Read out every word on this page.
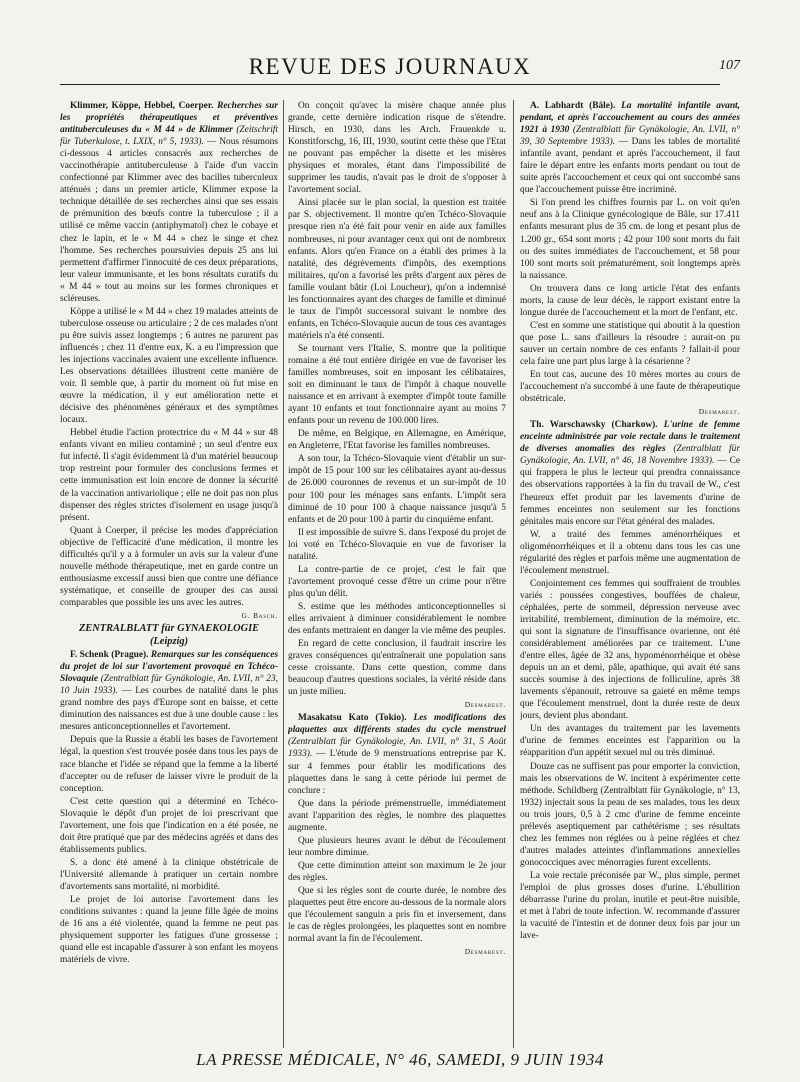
REVUE DES JOURNAUX	107

Klimmer, Köppe, Hebbel, Coerper. Recherches sur les propriétés thérapeutiques et préventives antituberculeuses du « M 44 » de Klimmer (Zeitschrift für Tuberkulose, t. LXIX, n° 5, 1933). — Nous résumons ci-dessous 4 articles consacrés aux recherches de vaccinothérapie antituberculeuse à l'aide d'un vaccin confectionné par Klimmer avec des bacilles tuberculeux atténués ; dans un premier article, Klimmer expose la technique détaillée de ses recherches ainsi que ses essais de prémunition des bœufs contre la tuberculose ; il a utilisé ce même vaccin (antiphymatol) chez le cobaye et chez le lapin, et le « M 44 » chez le singe et chez l'homme. Ses recherches poursuivies depuis 25 ans lui permettent d'affirmer l'innocuité de ces deux préparations, leur valeur immunisante, et les bons résultats curatifs du « M 44 » tout au moins sur les formes chroniques et scléreuses.

Köppe a utilisé le « M 44 » chez 19 malades atteints de tuberculose osseuse ou articulaire ; 2 de ces malades n'ont pu être suivis assez longtemps ; 6 autres ne parurent pas influencés ; chez 11 d'entre eux, K. a eu l'impression que les injections vaccinales avaient une excellente influence. Les observations détaillées illustrent cette manière de voir. Il semble que, à partir du moment où fut mise en œuvre la médication, il y eut amélioration nette et décisive des phénomènes généraux et des symptômes locaux.

Hebbel étudie l'action protectrice du « M 44 » sur 48 enfants vivant en milieu contaminé ; un seul d'entre eux fut infecté. Il s'agit évidemment là d'un matériel beaucoup trop restreint pour formuler des conclusions fermes et cette immunisation est loin encore de donner la sécurité de la vaccination antivariolique ; elle ne doit pas non plus dispenser des règles strictes d'isolement en usage jusqu'à présent.

Quant à Coerper, il précise les modes d'appréciation objective de l'efficacité d'une médication, il montre les difficultés qu'il y a à formuler un avis sur la valeur d'une nouvelle méthode thérapeutique, met en garde contre un enthousiasme excessif aussi bien que contre une défiance systématique, et conseille de grouper des cas aussi comparables que possible les uns avec les autres.

G. Basch.

ZENTRALBLATT für GYNAEKOLOGIE

(Leipzig)

F. Schenk (Prague). Remarques sur les conséquences du projet de loi sur l'avortement provoqué en Tchéco-Slovaquie (Zentralblatt für Gynäkologie, An. LVII, n° 23, 10 Juin 1933). — Les courbes de natalité dans le plus grand nombre des pays d'Europe sont en baisse, et cette diminution des naissances est due à une double cause : les mesures anticonceptionnelles et l'avortement.

Depuis que la Russie a établi les bases de l'avortement légal, la question s'est trouvée posée dans tous les pays de race blanche et l'idée se répand que la femme a la liberté d'accepter ou de refuser de laisser vivre le produit de la conception.

C'est cette question qui a déterminé en Tchéco-Slovaquie le dépôt d'un projet de loi prescrivant que l'avortement, une fois que l'indication en a été posée, ne doit être pratiqué que par des médecins agréés et dans des établissements publics.

S. a donc été amené à la clinique obstétricale de l'Université allemande à pratiquer un certain nombre d'avortements sans mortalité, ni morbidité.

Le projet de loi autorise l'avortement dans les conditions suivantes : quand la jeune fille âgée de moins de 16 ans a été violentée, quand la femme ne peut pas physiquement supporter les fatigues d'une grossesse ; quand elle est incapable d'assurer à son enfant les moyens matériels de vivre.

On conçoit qu'avec la misère chaque année plus grande, cette dernière indication risque de s'étendre. Hirsch, en 1930, dans les Arch. Frauenkde u. Konstitforschg, 16, III, 1930, soutint cette thèse que l'Etat ne pouvant pas empêcher la disette et les misères physiques et morales, étant dans l'impossibilité de supprimer les taudis, n'avait pas le droit de s'opposer à l'avortement social.

Ainsi placée sur le plan social, la question est traitée par S. objectivement. Il montre qu'en Tchéco-Slovaquie presque rien n'a été fait pour venir en aide aux familles nombreuses, ni pour avantager ceux qui ont de nombreux enfants. Alors qu'en France on a établi des primes à la natalité, des dégrèvements d'impôts, des exemptions militaires, qu'on a favorisé les prêts d'argent aux pères de famille voulant bâtir (Loi Loucheur), qu'on a indemnisé les fonctionnaires ayant des charges de famille et diminué le taux de l'impôt successoral suivant le nombre des enfants, en Tchéco-Slovaquie aucun de tous ces avantages matériels n'a été consenti.

Se tournant vers l'Italie, S. montre que la politique romaine a été tout entière dirigée en vue de favoriser les familles nombreuses, soit en imposant les célibataires, soit en diminuant le taux de l'impôt à chaque nouvelle naissance et en arrivant à exempter d'impôt toute famille ayant 10 enfants et tout fonctionnaire ayant au moins 7 enfants pour un revenu de 100.000 lires.

De même, en Belgique, en Allemagne, en Amérique, en Angleterre, l'Etat favorise les familles nombreuses.

A son tour, la Tchéco-Slovaquie vient d'établir un sur-impôt de 15 pour 100 sur les célibataires ayant au-dessus de 26.000 couronnes de revenus et un sur-impôt de 10 pour 100 pour les ménages sans enfants. L'impôt sera diminué de 10 pour 100 à chaque naissance jusqu'à 5 enfants et de 20 pour 100 à partir du cinquième enfant.

Il est impossible de suivre S. dans l'exposé du projet de loi voté en Tchéco-Slovaquie en vue de favoriser la natalité.

La contre-partie de ce projet, c'est le fait que l'avortement provoqué cesse d'être un crime pour n'être plus qu'un délit.

S. estime que les méthodes anticonceptionnelles si elles arrivaient à diminuer considérablement le nombre des enfants mettraient en danger la vie même des peuples.

En regard de cette conclusion, il faudrait inscrire les graves conséquences qu'entraînerait une population sans cesse croissante. Dans cette question, comme dans beaucoup d'autres questions sociales, la vérité réside dans un juste milieu.

Desmarest.

Masakatsu Kato (Tokio). Les modifications des plaquettes aux différents stades du cycle menstruel (Zentralblatt für Gynäkologie, An. LVII, n° 31, 5 Août 1933). — L'étude de 9 menstruations entreprise par K. sur 4 femmes pour établir les modifications des plaquettes dans le sang à cette période lui permet de conclure :

Que dans la période prémenstruelle, immédiatement avant l'apparition des règles, le nombre des plaquettes augmente.

Que plusieurs heures avant le début de l'écoulement leur nombre diminue.

Que cette diminution atteint son maximum le 2e jour des règles.

Que si les règles sont de courte durée, le nombre des plaquettes peut être encore au-dessous de la normale alors que l'écoulement sanguin a pris fin et inversement, dans le cas de règles prolongées, les plaquettes sont en nombre normal avant la fin de l'écoulement.

Desmarest.

A. Labhardt (Bâle). La mortalité infantile avant, pendant, et après l'accouchement au cours des années 1921 à 1930 (Zentralblatt für Gynäkologie, An. LVII, n° 39, 30 Septembre 1933). — Dans les tables de mortalité infantile avant, pendant et après l'accouchement, il faut faire le départ entre les enfants morts pendant ou tout de suite après l'accouchement et ceux qui ont succombé sans que l'accouchement puisse être incriminé.

Si l'on prend les chiffres fournis par L. on voit qu'en neuf ans à la Clinique gynécologique de Bâle, sur 17.411 enfants mesurant plus de 35 cm. de long et pesant plus de 1.200 gr., 654 sont morts ; 42 pour 100 sont morts du fait ou des suites immédiates de l'accouchement, et 58 pour 100 sont morts soit prématurément, soit longtemps après la naissance.

On trouvera dans ce long article l'état des enfants morts, la cause de leur décès, le rapport existant entre la longue durée de l'accouchement et la mort de l'enfant, etc.

C'est en somme une statistique qui aboutit à la question que pose L. sans d'ailleurs la résoudre : aurait-on pu sauver un certain nombre de ces enfants ? fallait-il pour cela faire une part plus large à la césarienne ?

En tout cas, aucune des 10 mères mortes au cours de l'accouchement n'a succombé à une faute de thérapeutique obstétricale.

Desmarest.

Th. Warschawsky (Charkow). L'urine de femme enceinte administrée par voie rectale dans le traitement de diverses anomalies des règles (Zentralblatt für Gynäkologie, An. LVII, n° 46, 18 Novembre 1933). — Ce qui frappera le plus le lecteur qui prendra connaissance des observations rapportées à la fin du travail de W., c'est l'heureux effet produit par les lavements d'urine de femmes enceintes non seulement sur les fonctions génitales mais encore sur l'état général des malades.

W. a traité des femmes aménorrhéiques et oligoménorrhéiques et il a obtenu dans tous les cas une régularité des règles et parfois même une augmentation de l'écoulement menstruel.

Conjointement ces femmes qui souffraient de troubles variés : poussées congestives, bouffées de chaleur, céphalées, perte de sommeil, dépression nerveuse avec irritabilité, tremblement, diminution de la mémoire, etc. qui sont la signature de l'insuffisance ovarienne, ont été considérablement améliorées par ce traitement. L'une d'entre elles, âgée de 32 ans, hypoménorrhéique et obèse depuis un an et demi, pâle, apathique, qui avait été sans succès soumise à des injections de folliculine, après 38 lavements s'épanouit, retrouve sa gaieté en même temps que l'écoulement menstruel, dont la durée reste de deux jours, devient plus abondant.

Un des avantages du traitement par les lavements d'urine de femmes enceintes est l'apparition ou la réapparition d'un appétit sexuel nul ou très diminué.

Douze cas ne suffisent pas pour emporter la conviction, mais les observations de W. incitent à expérimenter cette méthode. Schildberg (Zentralblatt für Gynäkologie, n° 13, 1932) injectait sous la peau de ses malades, tous les deux ou trois jours, 0,5 à 2 cmc d'urine de femme enceinte prélevés aseptiquement par cathétérisme ; ses résultats chez les femmes non réglées ou à peine réglées et chez d'autres malades atteintes d'inflammations annexielles gonococciques avec ménorragies furent excellents.

La voie rectale préconisée par W., plus simple, permet l'emploi de plus grosses doses d'urine. L'ébullition débarrasse l'urine du prolan, inutile et peut-être nuisible, et met à l'abri de toute infection. W. recommande d'assurer la vacuité de l'intestin et de donner deux fois par jour un lave-

LA PRESSE MÉDICALE, N° 46, SAMEDI, 9 JUIN 1934
